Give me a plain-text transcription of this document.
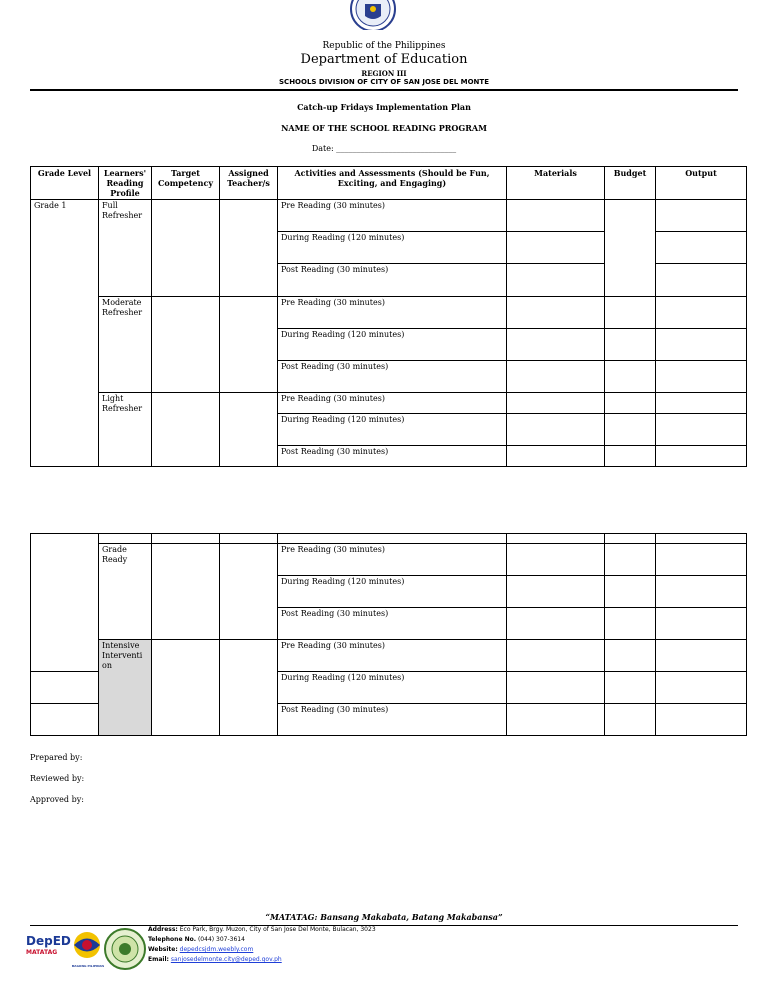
Republic of the Philippines
Department of Education
REGION III
SCHOOLS DIVISION OF CITY OF SAN JOSE DEL MONTE
Catch-up Fridays Implementation Plan
NAME OF THE SCHOOL READING PROGRAM
Date: ______________________________
Grade Level	Learners' Reading Profile	Target Competency	Assigned Teacher/s	Activities and Assessments (Should be Fun, Exciting, and Engaging)	Materials	Budget	Output
Grade 1	Full Refresher			Pre Reading (30 minutes)			
				During Reading (120 minutes)			
				Post Reading (30 minutes)			
	Moderate Refresher			Pre Reading (30 minutes)			
				During Reading (120 minutes)			
				Post Reading (30 minutes)			
	Light Refresher			Pre Reading (30 minutes)			
				During Reading (120 minutes)			
				Post Reading (30 minutes)			

	Grade Ready			Pre Reading (30 minutes)			
				During Reading (120 minutes)			
				Post Reading (30 minutes)			
	Intensive Interventi on			Pre Reading (30 minutes)			
				During Reading (120 minutes)			
				Post Reading (30 minutes)			
Prepared by:
Reviewed by:
Approved by:
“MATATAG: Bansang Makabata, Batang Makabansa”
DepED
MATATAG
BAGONG PILIPINAS
Address: Eco Park, Brgy. Muzon, City of San Jose Del Monte, Bulacan, 3023
Telephone No. (044) 307-3614
Website: depedcsjdm.weebly.com
Email: sanjosedelmonte.city@deped.gov.ph
